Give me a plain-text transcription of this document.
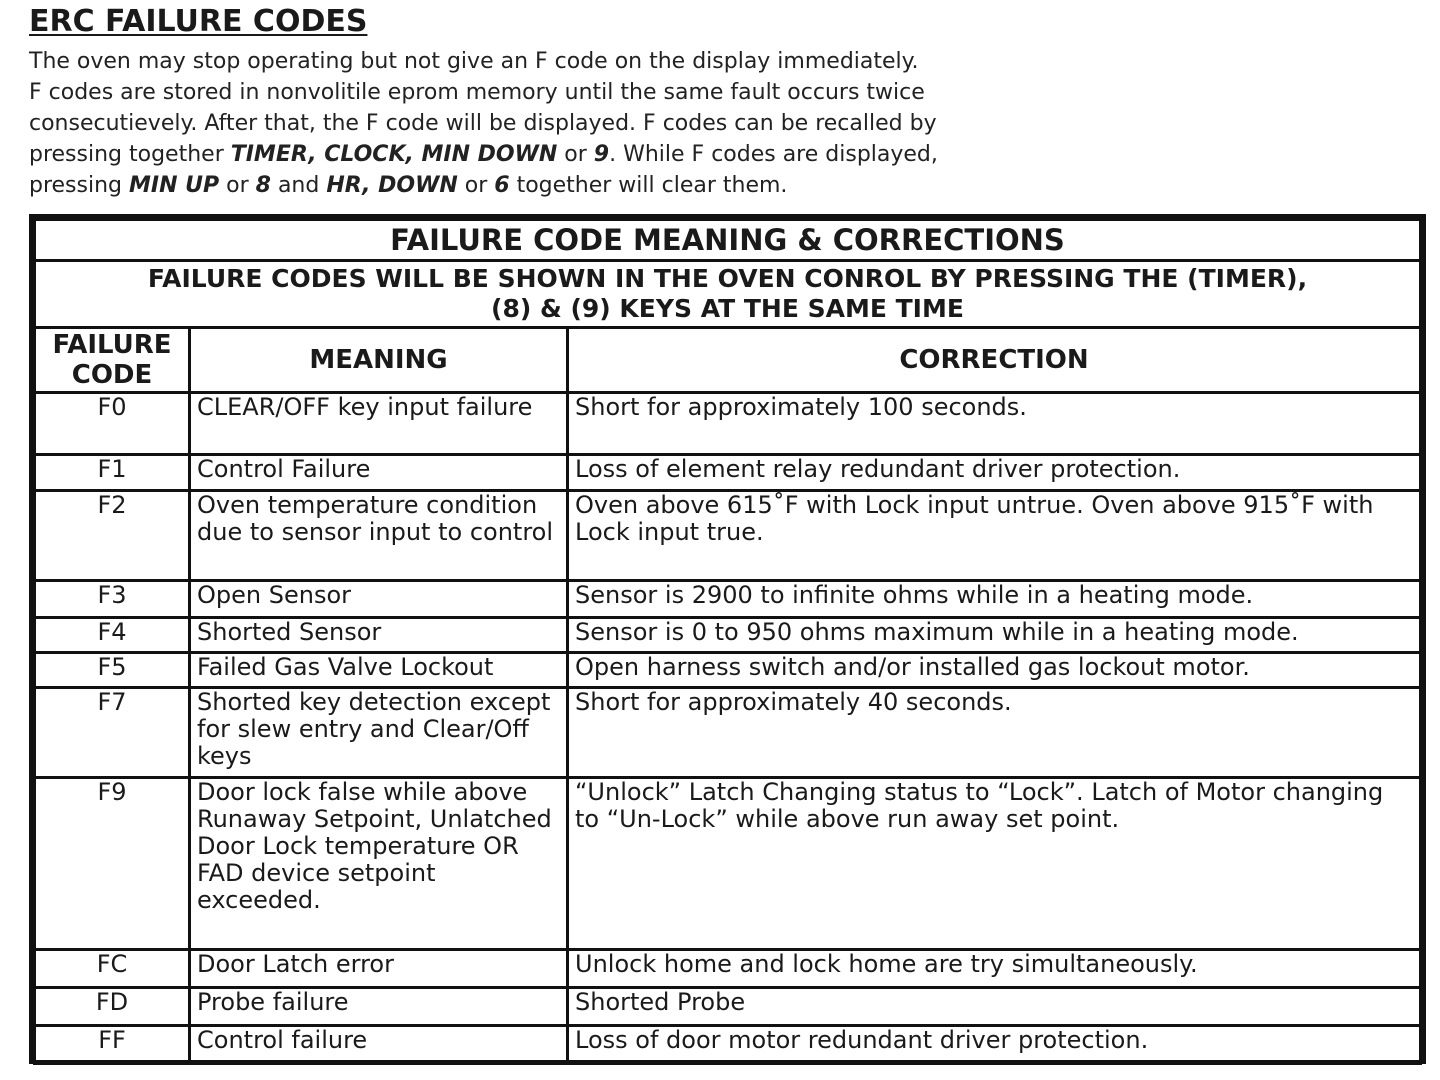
ERC FAILURE CODES

The oven may stop operating but not give an F code on the display immediately.
F codes are stored in nonvolitile eprom memory until the same fault occurs twice
consecutievely. After that, the F code will be displayed. F codes can be recalled by
pressing together TIMER, CLOCK, MIN DOWN or 9. While F codes are displayed,
pressing MIN UP or 8 and HR, DOWN or 6 together will clear them.

FAILURE CODE MEANING & CORRECTIONS		
FAILURE CODES WILL BE SHOWN IN THE OVEN CONROL BY PRESSING THE (TIMER),
(8) & (9) KEYS AT THE SAME TIME		
FAILURE
CODE	MEANING	CORRECTION
F0	CLEAR/OFF key input failure	Short for approximately 100 seconds.
F1	Control Failure	Loss of element relay redundant driver protection.
F2	Oven temperature condition due to sensor input to control	Oven above 615˚F with Lock input untrue. Oven above 915˚F with Lock input true.
F3	Open Sensor	Sensor is 2900 to infinite ohms while in a heating mode.
F4	Shorted Sensor	Sensor is 0 to 950 ohms maximum while in a heating mode.
F5	Failed Gas Valve Lockout	Open harness switch and/or installed gas lockout motor.
F7	Shorted key detection except for slew entry and Clear/Off keys	Short for approximately 40 seconds.
F9	Door lock false while above Runaway Setpoint, Unlatched Door Lock temperature OR FAD device setpoint exceeded.	“Unlock” Latch Changing status to “Lock”. Latch of Motor changing to “Un-Lock” while above run away set point.
FC	Door Latch error	Unlock home and lock home are try simultaneously.
FD	Probe failure	Shorted Probe
FF	Control failure	Loss of door motor redundant driver protection.
